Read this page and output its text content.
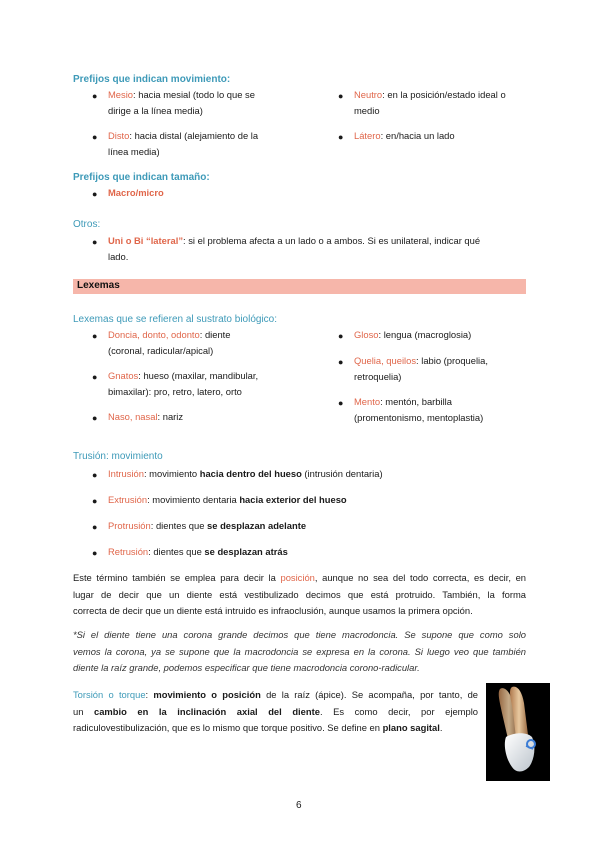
Prefijos que indican movimiento:
● Mesio: hacia mesial (todo lo que se
dirige a la línea media)
● Disto: hacia distal (alejamiento de la
línea media)
● Neutro: en la posición/estado ideal o
medio
● Látero: en/hacia un lado
Prefijos que indican tamaño:
● Macro/micro
Otros:
● Uni o Bi “lateral”: si el problema afecta a un lado o a ambos. Si es unilateral, indicar qué
lado.
Lexemas
Lexemas que se refieren al sustrato biológico:
● Doncia, donto, odonto: diente
(coronal, radicular/apical)
● Gnatos: hueso (maxilar, mandibular,
bimaxilar): pro, retro, latero, orto
● Naso, nasal: nariz
● Gloso: lengua (macroglosia)
● Quelia, queilos: labio (proquelia,
retroquelia)
● Mento: mentón, barbilla
(promentonismo, mentoplastia)
Trusión: movimiento
● Intrusión: movimiento hacia dentro del hueso (intrusión dentaria)
● Extrusión: movimiento dentaria hacia exterior del hueso
● Protrusión: dientes que se desplazan adelante
● Retrusión: dientes que se desplazan atrás
Este término también se emplea para decir la posición, aunque no sea del todo correcta, es decir, en
lugar de decir que un diente está vestibulizado decimos que está protruido. También, la forma
correcta de decir que un diente está intruido es infraoclusión, aunque usamos la primera opción.
*Si el diente tiene una corona grande decimos que tiene macrodoncia. Se supone que como solo
vemos la corona, ya se supone que la macrodoncia se expresa en la corona. Si luego veo que también
diente la raíz grande, podemos especificar que tiene macrodoncia corono-radicular.
Torsión o torque: movimiento o posición de la raíz (ápice). Se acompaña, por tanto, de
un cambio en la inclinación axial del diente. Es como decir, por ejemplo
radiculovestibulización, que es lo mismo que torque positivo. Se define en plano sagital.
6
